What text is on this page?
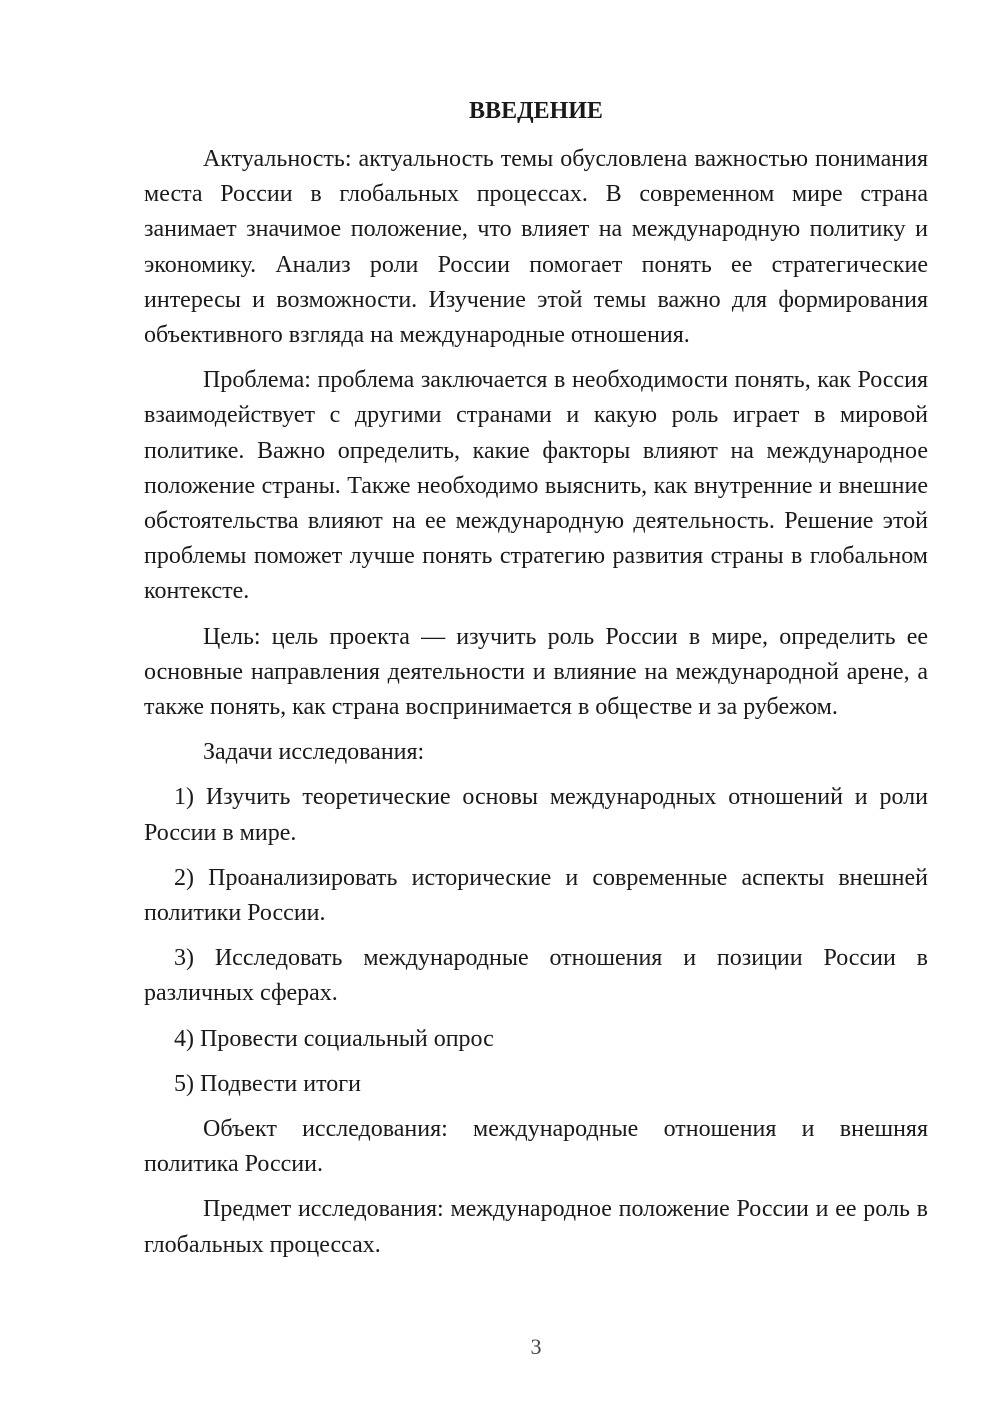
ВВЕДЕНИЕ

Актуальность: актуальность темы обусловлена важностью понимания места России в глобальных процессах. В современном мире страна занимает значимое положение, что влияет на международную политику и экономику. Анализ роли России помогает понять ее стратегические интересы и возможности. Изучение этой темы важно для формирования объективного взгляда на международные отношения.

Проблема: проблема заключается в необходимости понять, как Россия взаимодействует с другими странами и какую роль играет в мировой политике. Важно определить, какие факторы влияют на международное положение страны. Также необходимо выяснить, как внутренние и внешние обстоятельства влияют на ее международную деятельность. Решение этой проблемы поможет лучше понять стратегию развития страны в глобальном контексте.

Цель: цель проекта — изучить роль России в мире, определить ее основные направления деятельности и влияние на международной арене, а также понять, как страна воспринимается в обществе и за рубежом.

Задачи исследования:

1) Изучить теоретические основы международных отношений и роли России в мире.

2) Проанализировать исторические и современные аспекты внешней политики России.

3) Исследовать международные отношения и позиции России в различных сферах.

4) Провести социальный опрос

5) Подвести итоги

Объект исследования: международные отношения и внешняя политика России.

Предмет исследования: международное положение России и ее роль в глобальных процессах.

3
